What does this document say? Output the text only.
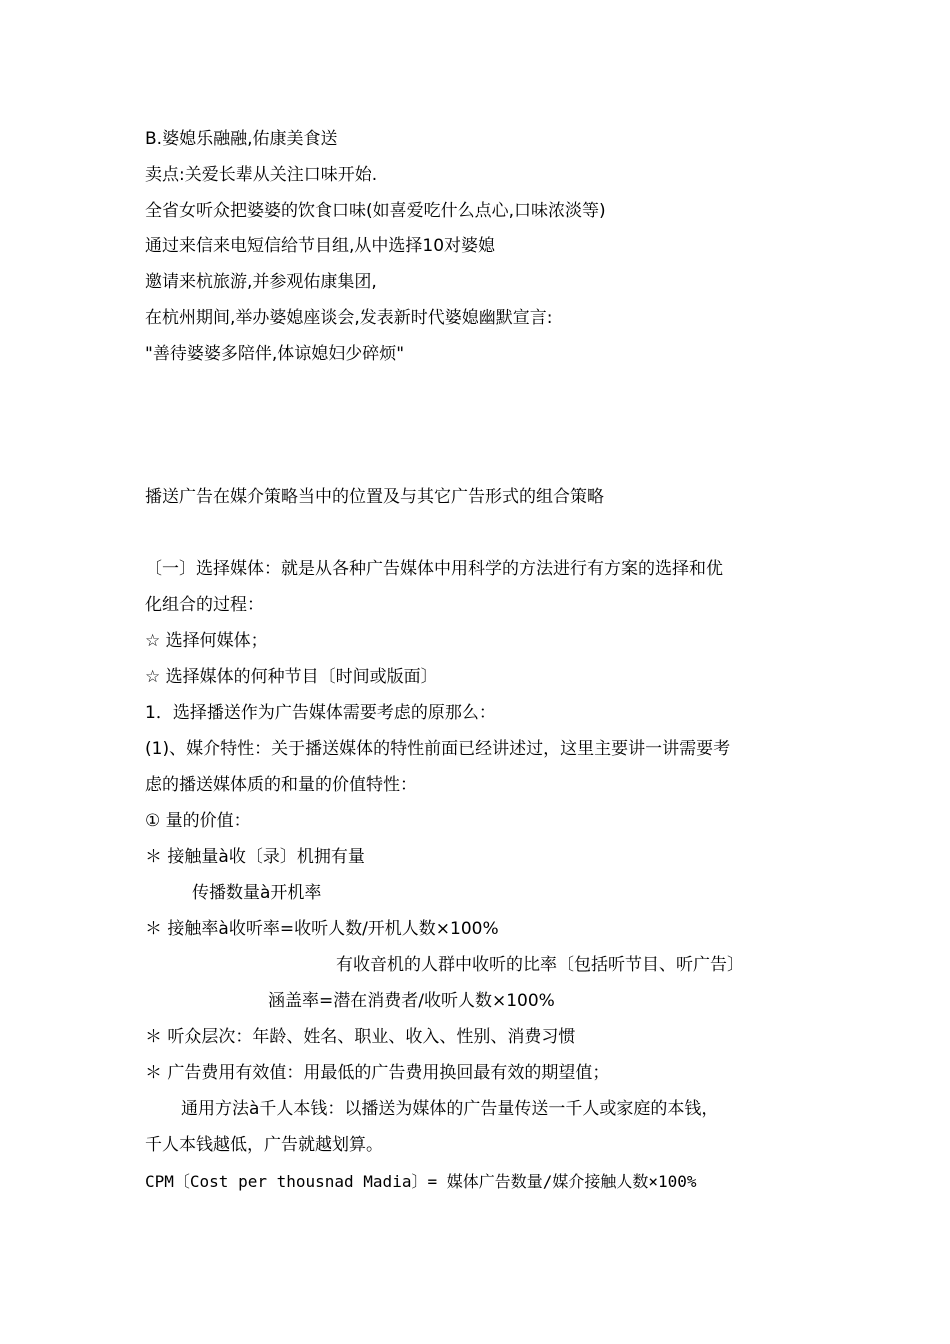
B.婆媳乐融融,佑康美食送
卖点:关爱长辈从关注口味开始.
全省女听众把婆婆的饮食口味(如喜爱吃什么点心,口味浓淡等)
通过来信来电短信给节目组,从中选择10对婆媳
邀请来杭旅游,并参观佑康集团,
在杭州期间,举办婆媳座谈会,发表新时代婆媳幽默宣言:
"善待婆婆多陪伴,体谅媳妇少碎烦"
播送广告在媒介策略当中的位置及与其它广告形式的组合策略
〔一〕选择媒体：就是从各种广告媒体中用科学的方法进行有方案的选择和优
化组合的过程：
☆ 选择何媒体；
☆ 选择媒体的何种节目〔时间或版面〕
1．选择播送作为广告媒体需要考虑的原那么：
(1)、媒介特性：关于播送媒体的特性前面已经讲述过，这里主要讲一讲需要考
虑的播送媒体质的和量的价值特性：
① 量的价值：
＊ 接触量à收〔录〕机拥有量
传播数量à开机率
＊ 接触率à收听率=收听人数/开机人数×100%
有收音机的人群中收听的比率〔包括听节目、听广告〕
涵盖率=潜在消费者/收听人数×100%
＊ 听众层次：年龄、姓名、职业、收入、性别、消费习惯
＊ 广告费用有效值：用最低的广告费用换回最有效的期望值；
通用方法à千人本钱：以播送为媒体的广告量传送一千人或家庭的本钱，
千人本钱越低，广告就越划算。
CPM〔Cost per thousnad Madia〕= 媒体广告数量/媒介接触人数×100%
